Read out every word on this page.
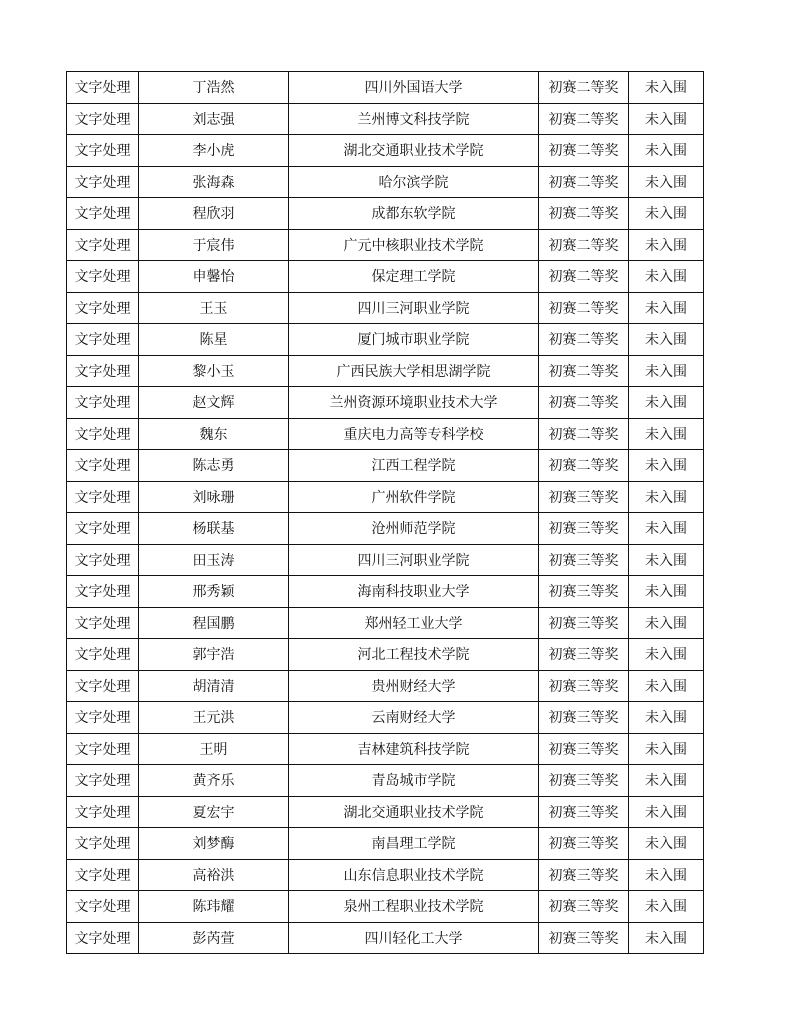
文字处理	丁浩然	四川外国语大学	初赛二等奖	未入围
文字处理	刘志强	兰州博文科技学院	初赛二等奖	未入围
文字处理	李小虎	湖北交通职业技术学院	初赛二等奖	未入围
文字处理	张海森	哈尔滨学院	初赛二等奖	未入围
文字处理	程欣羽	成都东软学院	初赛二等奖	未入围
文字处理	于宸伟	广元中核职业技术学院	初赛二等奖	未入围
文字处理	申馨怡	保定理工学院	初赛二等奖	未入围
文字处理	王玉	四川三河职业学院	初赛二等奖	未入围
文字处理	陈星	厦门城市职业学院	初赛二等奖	未入围
文字处理	黎小玉	广西民族大学相思湖学院	初赛二等奖	未入围
文字处理	赵文辉	兰州资源环境职业技术大学	初赛二等奖	未入围
文字处理	魏东	重庆电力高等专科学校	初赛二等奖	未入围
文字处理	陈志勇	江西工程学院	初赛二等奖	未入围
文字处理	刘咏珊	广州软件学院	初赛三等奖	未入围
文字处理	杨联基	沧州师范学院	初赛三等奖	未入围
文字处理	田玉涛	四川三河职业学院	初赛三等奖	未入围
文字处理	邢秀颖	海南科技职业大学	初赛三等奖	未入围
文字处理	程国鹏	郑州轻工业大学	初赛三等奖	未入围
文字处理	郭宇浩	河北工程技术学院	初赛三等奖	未入围
文字处理	胡清清	贵州财经大学	初赛三等奖	未入围
文字处理	王元洪	云南财经大学	初赛三等奖	未入围
文字处理	王明	吉林建筑科技学院	初赛三等奖	未入围
文字处理	黄齐乐	青岛城市学院	初赛三等奖	未入围
文字处理	夏宏宇	湖北交通职业技术学院	初赛三等奖	未入围
文字处理	刘梦酶	南昌理工学院	初赛三等奖	未入围
文字处理	高裕洪	山东信息职业技术学院	初赛三等奖	未入围
文字处理	陈玮耀	泉州工程职业技术学院	初赛三等奖	未入围
文字处理	彭芮萱	四川轻化工大学	初赛三等奖	未入围
